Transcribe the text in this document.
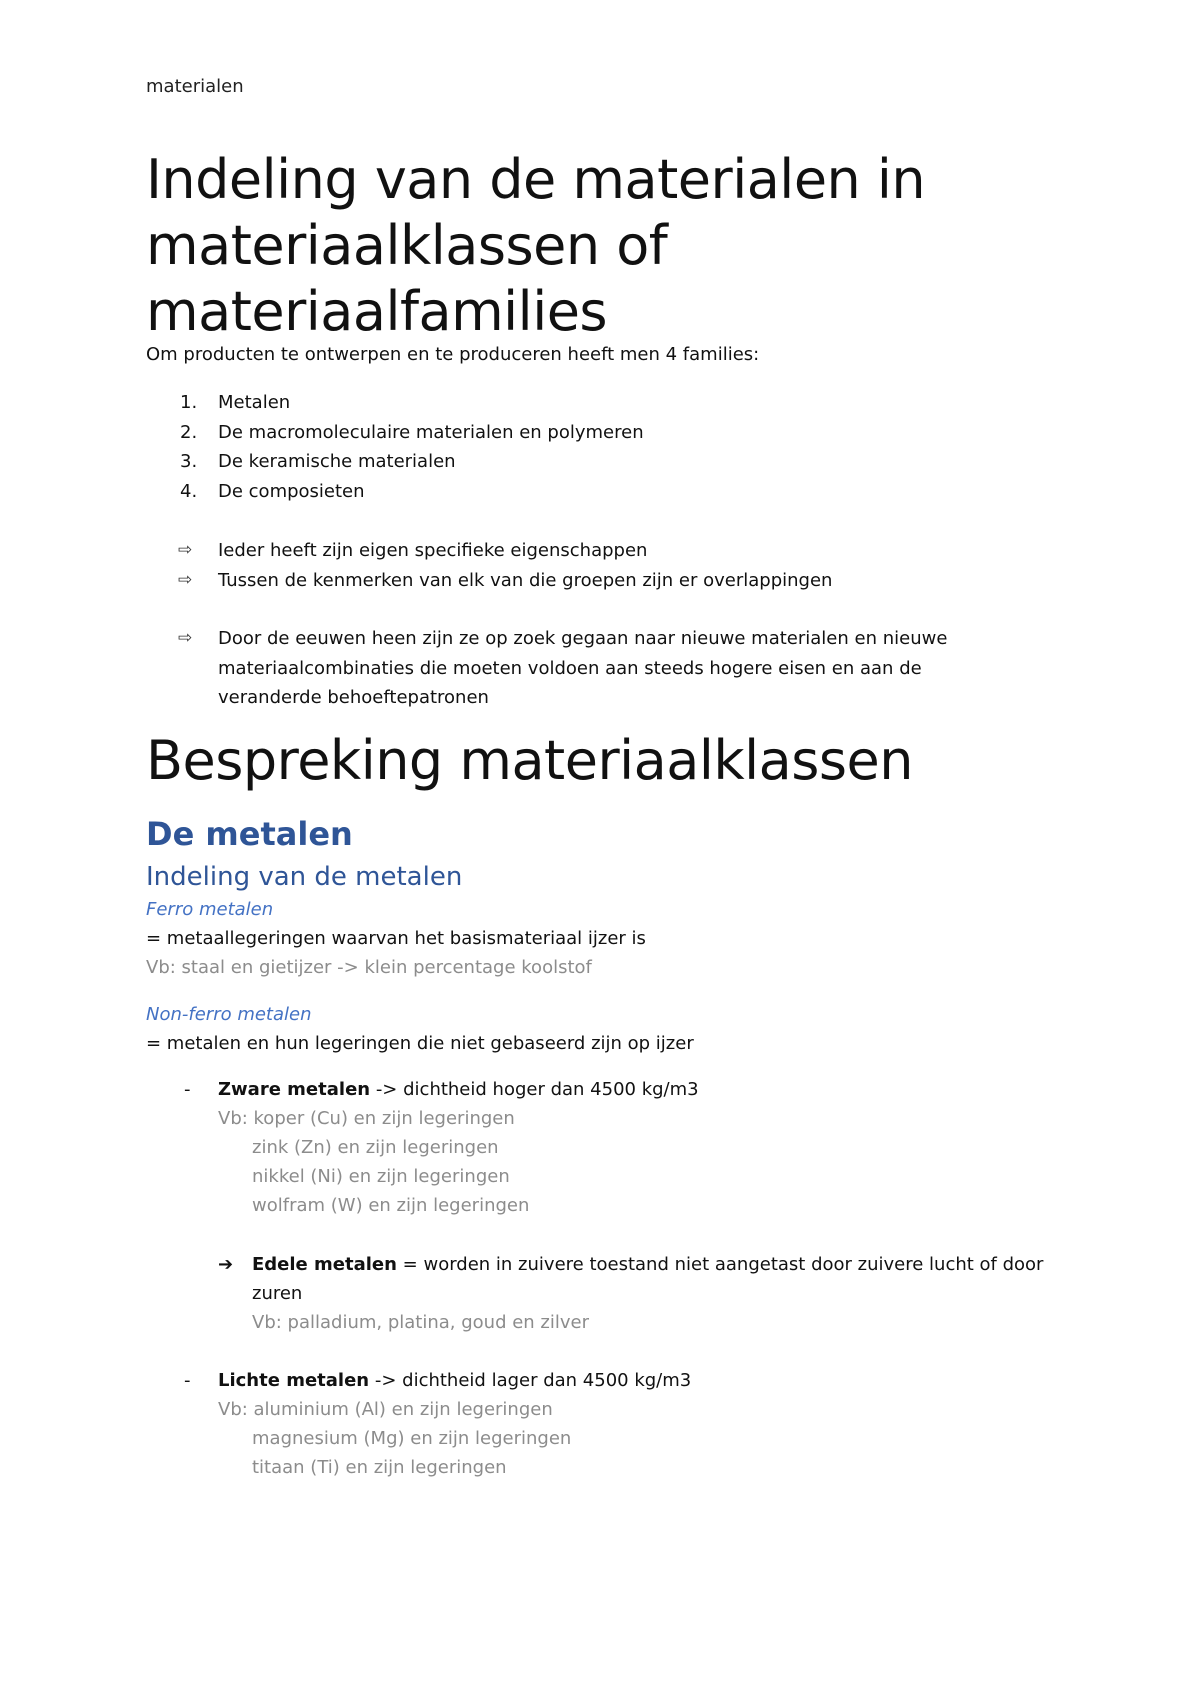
materialen
Indeling van de materialen in materiaalklassen of materiaalfamilies
Om producten te ontwerpen en te produceren heeft men 4 families:
1.	Metalen
2.	De macromoleculaire materialen en polymeren
3.	De keramische materialen
4.	De composieten
⇨	Ieder heeft zijn eigen specifieke eigenschappen
⇨	Tussen de kenmerken van elk van die groepen zijn er overlappingen
⇨	Door de eeuwen heen zijn ze op zoek gegaan naar nieuwe materialen en nieuwe materiaalcombinaties die moeten voldoen aan steeds hogere eisen en aan de veranderde behoeftepatronen
Bespreking materiaalklassen
De metalen
Indeling van de metalen
Ferro metalen
= metaallegeringen waarvan het basismateriaal ijzer is
Vb: staal en gietijzer -> klein percentage koolstof
Non-ferro metalen
= metalen en hun legeringen die niet gebaseerd zijn op ijzer
- Zware metalen -> dichtheid hoger dan 4500 kg/m3
Vb: koper (Cu) en zijn legeringen
zink (Zn) en zijn legeringen
nikkel (Ni) en zijn legeringen
wolfram (W) en zijn legeringen
➔ Edele metalen = worden in zuivere toestand niet aangetast door zuivere lucht of door
zuren
Vb: palladium, platina, goud en zilver
- Lichte metalen -> dichtheid lager dan 4500 kg/m3
Vb: aluminium (Al) en zijn legeringen
magnesium (Mg) en zijn legeringen
titaan (Ti) en zijn legeringen
